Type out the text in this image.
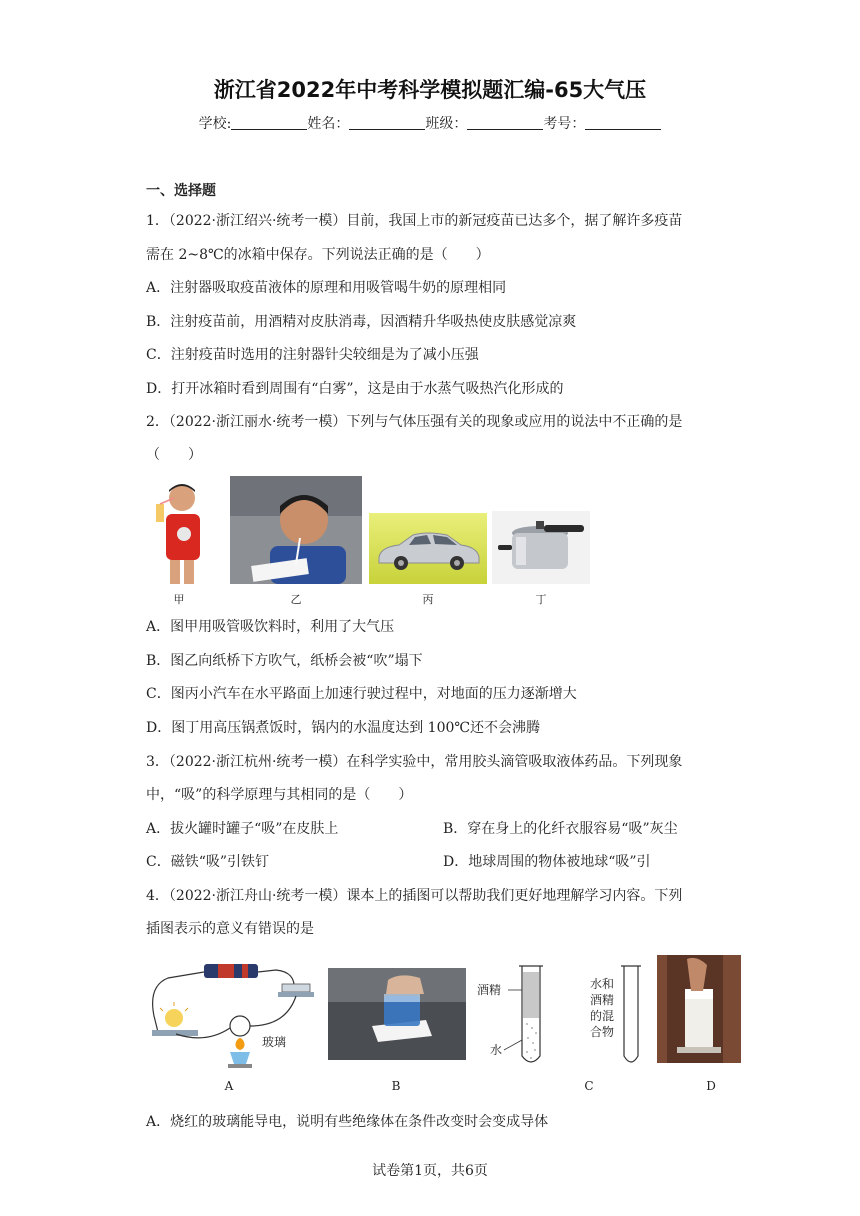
浙江省2022年中考科学模拟题汇编-65大气压
学校:	姓名：	班级：	考号：
一、选择题
1．（2022·浙江绍兴·统考一模）目前，我国上市的新冠疫苗已达多个，据了解许多疫苗
需在 2~8℃的冰箱中保存。下列说法正确的是（　　）
A．注射器吸取疫苗液体的原理和用吸管喝牛奶的原理相同
B．注射疫苗前，用酒精对皮肤消毒，因酒精升华吸热使皮肤感觉凉爽
C．注射疫苗时选用的注射器针尖较细是为了减小压强
D．打开冰箱时看到周围有“白雾”，这是由于水蒸气吸热汽化形成的
2．（2022·浙江丽水·统考一模）下列与气体压强有关的现象或应用的说法中不正确的是
（　　）
甲	乙	丙	丁
A．图甲用吸管吸饮料时，利用了大气压
B．图乙向纸桥下方吹气，纸桥会被“吹”塌下
C．图丙小汽车在水平路面上加速行驶过程中，对地面的压力逐渐增大
D．图丁用高压锅煮饭时，锅内的水温度达到 100℃还不会沸腾
3．（2022·浙江杭州·统考一模）在科学实验中，常用胶头滴管吸取液体药品。下列现象
中，“吸”的科学原理与其相同的是（　　）
A．拔火罐时罐子“吸”在皮肤上	B．穿在身上的化纤衣服容易“吸”灰尘
C．磁铁“吸”引铁钉	D．地球周围的物体被地球“吸”引
4．（2022·浙江舟山·统考一模）课本上的插图可以帮助我们更好地理解学习内容。下列
插图表示的意义有错误的是
玻璃
酒精
水
水和
酒精
的混
合物
A	B	C	D
A．烧红的玻璃能导电，说明有些绝缘体在条件改变时会变成导体
试卷第1页，共6页
